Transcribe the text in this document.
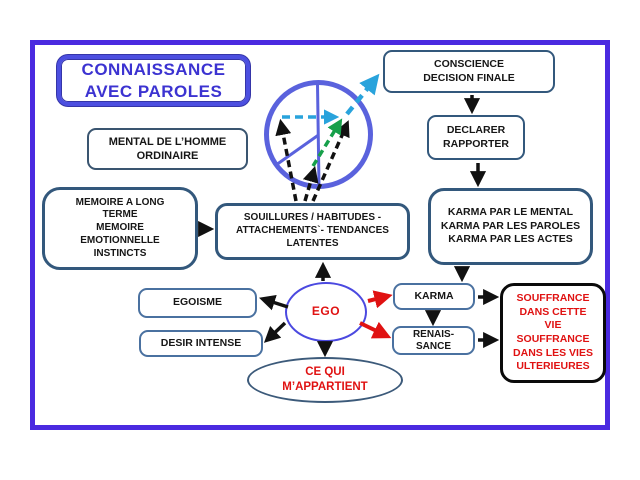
CONNAISSANCE
AVEC PAROLES
MENTAL DE L’HOMME
ORDINAIRE
CONSCIENCE
DECISION FINALE
DECLARER
RAPPORTER
MEMOIRE A LONG
TERME
MEMOIRE
EMOTIONNELLE
INSTINCTS
SOUILLURES / HABITUDES -
ATTACHEMENTS`- TENDANCES
LATENTES
KARMA PAR LE MENTAL
KARMA PAR LES PAROLES
KARMA PAR LES ACTES
EGOISME
DESIR INTENSE
EGO
KARMA
RENAIS-
SANCE
SOUFFRANCE
DANS CETTE
VIE
SOUFFRANCE
DANS LES VIES
ULTERIEURES
CE QUI
M’APPARTIENT
